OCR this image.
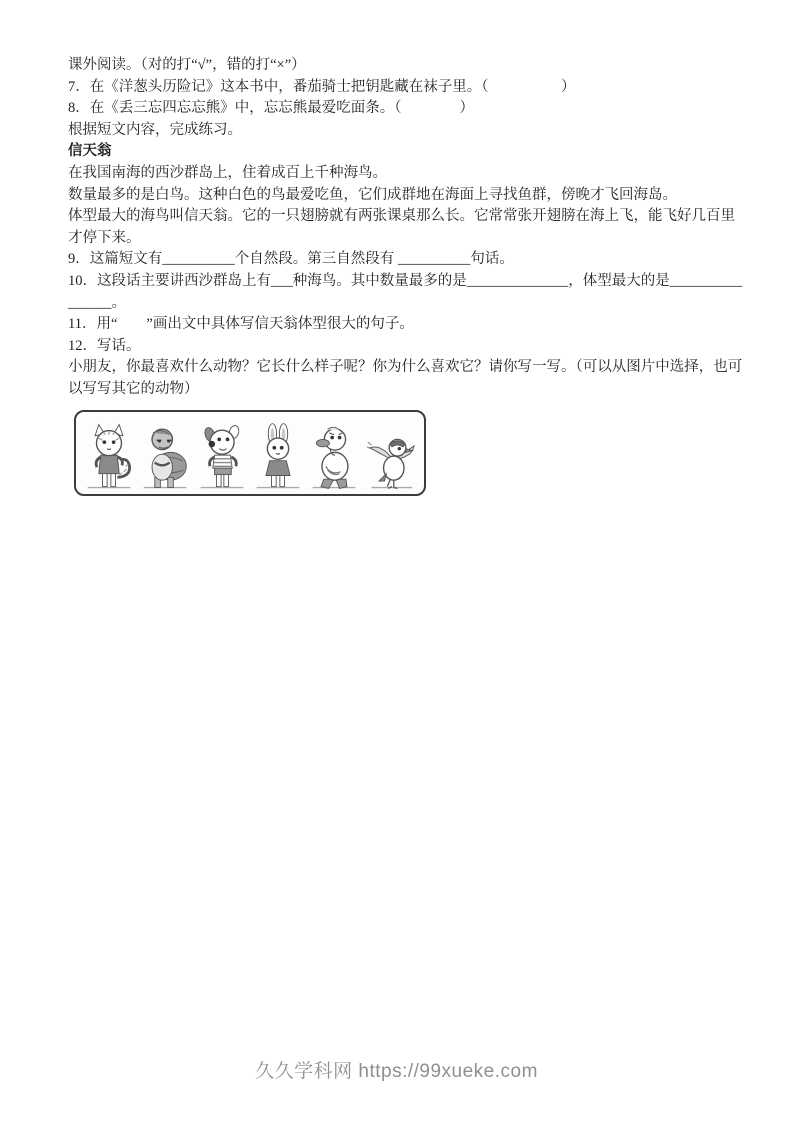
课外阅读。（对的打“√”，错的打“×”）

7．在《洋葱头历险记》这本书中，番茄骑士把钥匙藏在袜子里。（　　　　　）

8．在《丢三忘四忘忘熊》中，忘忘熊最爱吃面条。（　　　　）

根据短文内容，完成练习。

信天翁

在我国南海的西沙群岛上，住着成百上千种海鸟。

数量最多的是白鸟。这种白色的鸟最爱吃鱼，它们成群地在海面上寻找鱼群，傍晚才飞回海岛。

体型最大的海鸟叫信天翁。它的一只翅膀就有两张课桌那么长。它常常张开翅膀在海上飞，能飞好几百里才停下来。

9．这篇短文有__________个自然段。第三自然段有 __________句话。

10．这段话主要讲西沙群岛上有___种海鸟。其中数量最多的是______________，体型最大的是________________。

11．用“　　”画出文中具体写信天翁体型很大的句子。

12．写话。

小朋友，你最喜欢什么动物？它长什么样子呢？你为什么喜欢它？请你写一写。（可以从图片中选择，也可以写写其它的动物）

久久学科网 https://99xueke.com
